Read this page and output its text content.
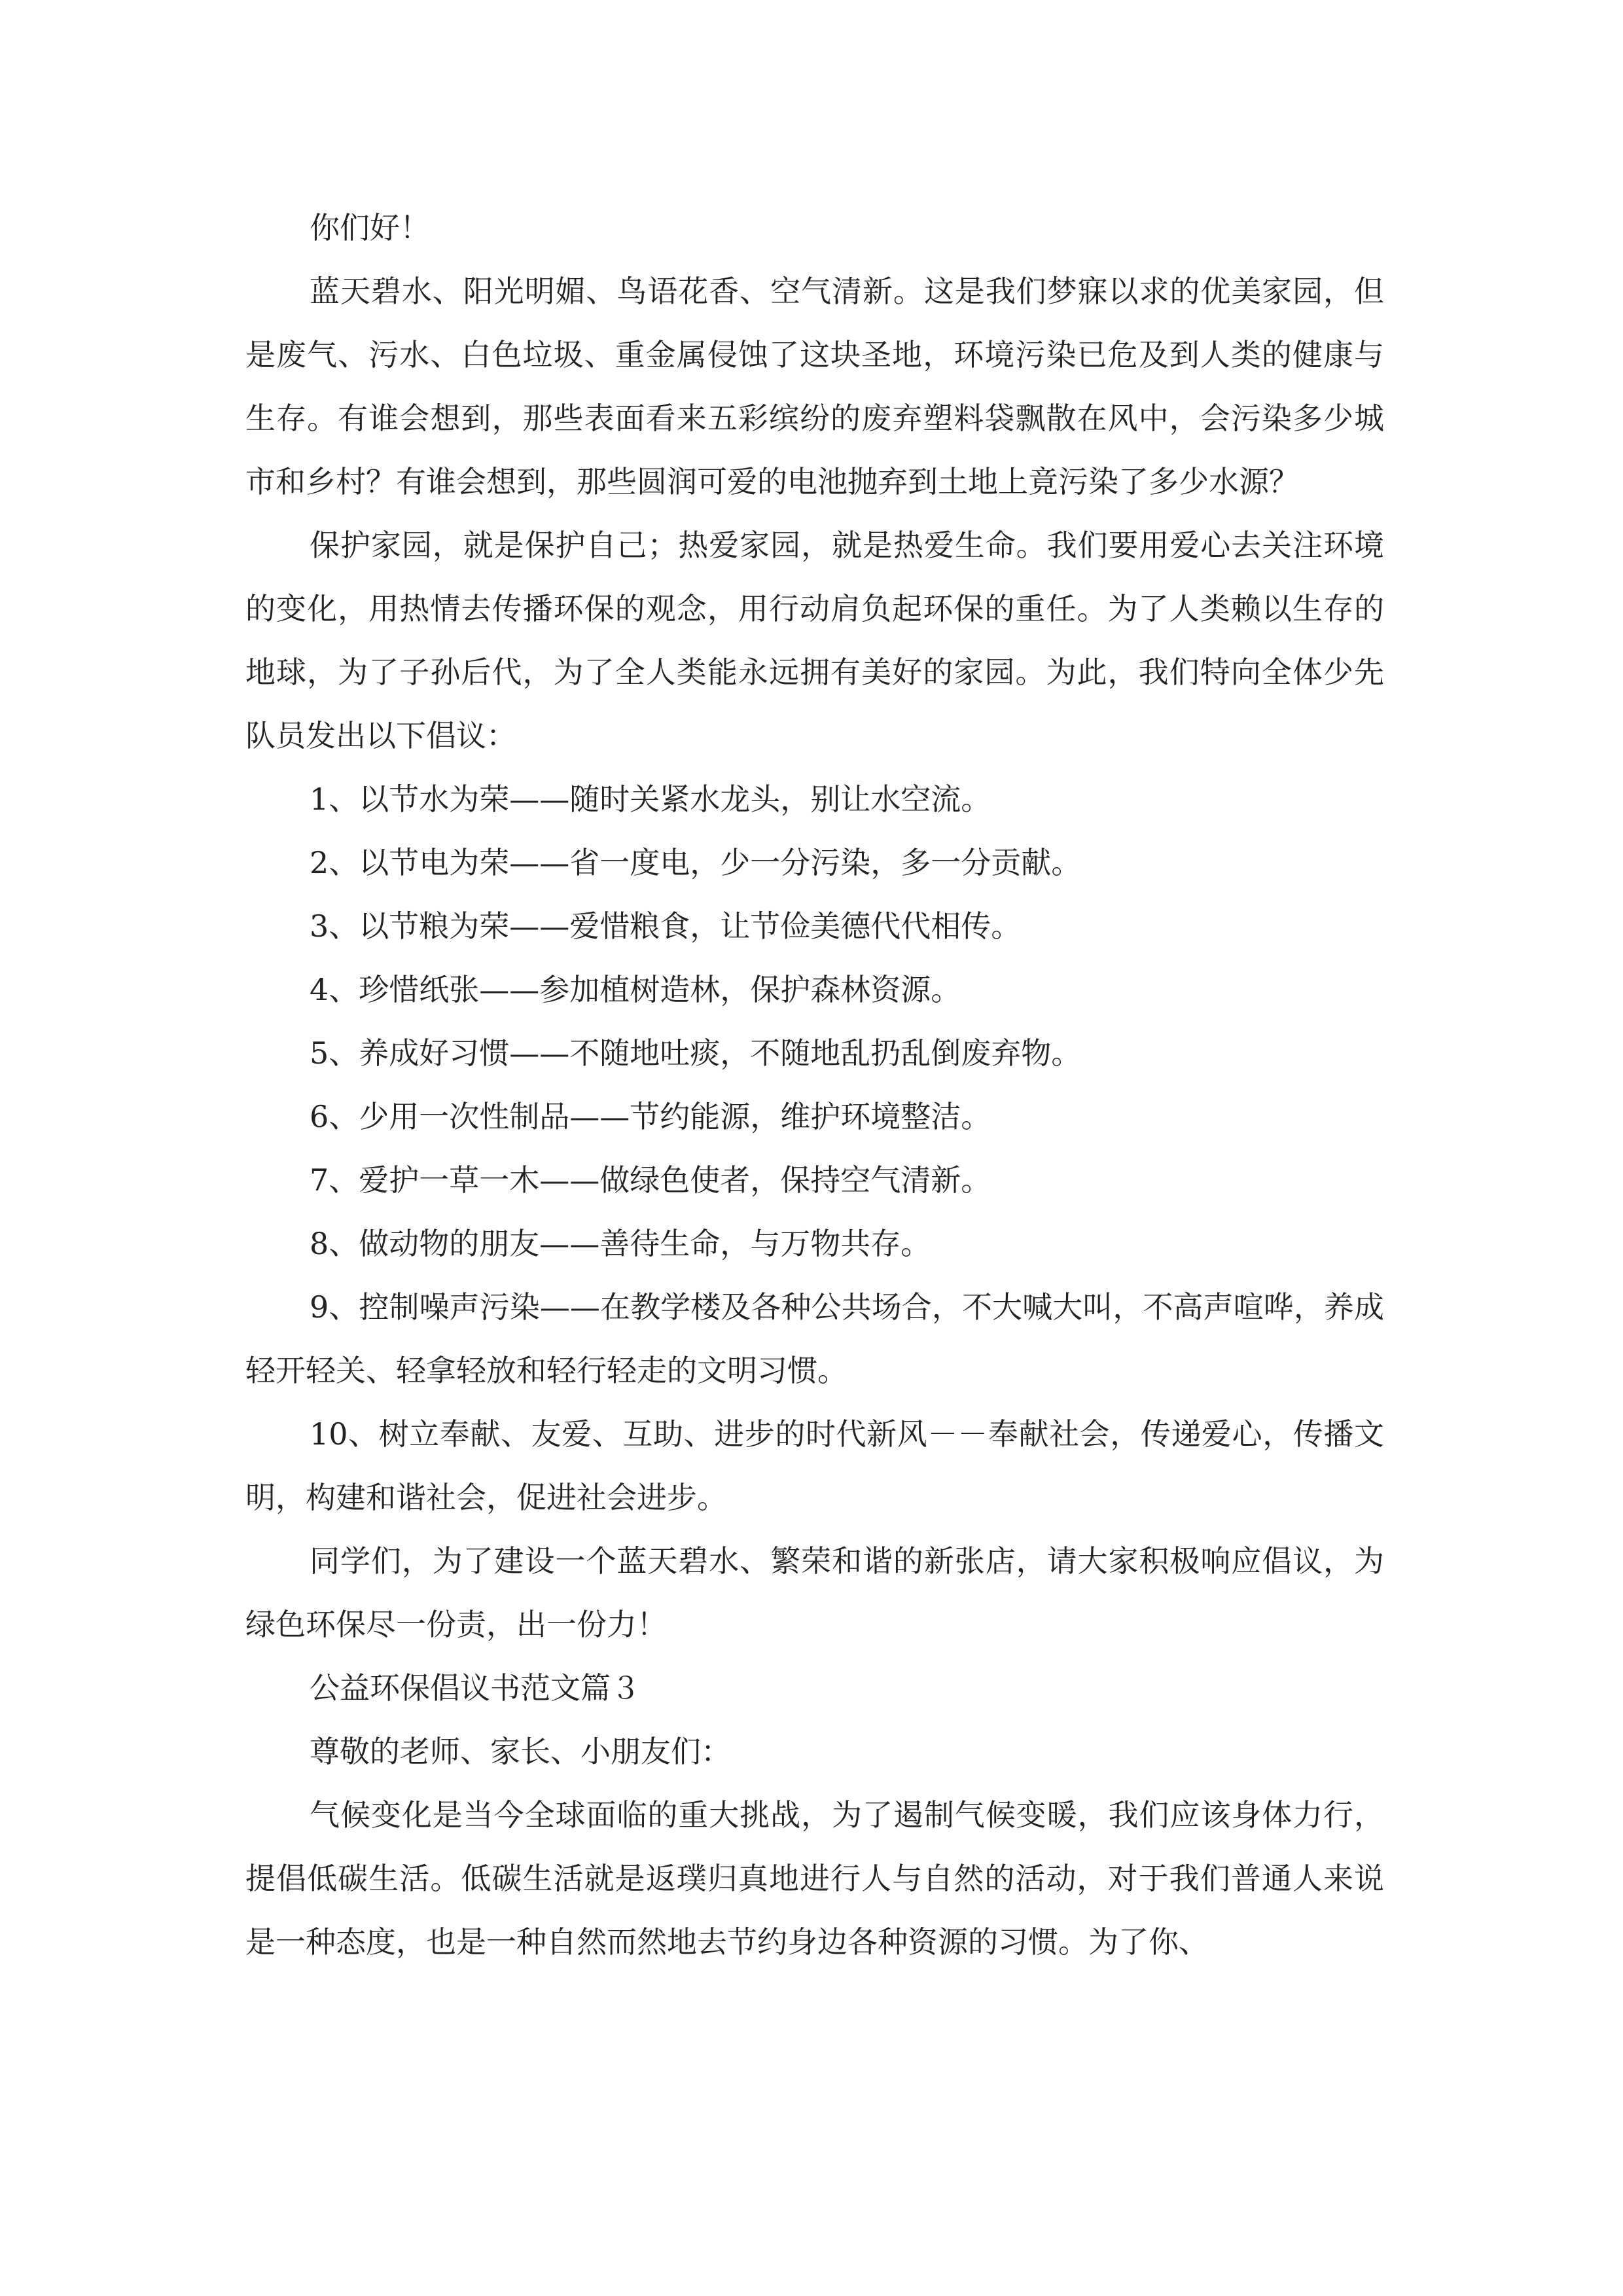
你们好！

蓝天碧水、阳光明媚、鸟语花香、空气清新。这是我们梦寐以求的优美家园，但是废气、污水、白色垃圾、重金属侵蚀了这块圣地，环境污染已危及到人类的健康与生存。有谁会想到，那些表面看来五彩缤纷的废弃塑料袋飘散在风中，会污染多少城市和乡村？有谁会想到，那些圆润可爱的电池抛弃到土地上竟污染了多少水源？

保护家园，就是保护自己；热爱家园，就是热爱生命。我们要用爱心去关注环境的变化，用热情去传播环保的观念，用行动肩负起环保的重任。为了人类赖以生存的地球，为了子孙后代，为了全人类能永远拥有美好的家园。为此，我们特向全体少先队员发出以下倡议：

1、以节水为荣——随时关紧水龙头，别让水空流。

2、以节电为荣——省一度电，少一分污染，多一分贡献。

3、以节粮为荣——爱惜粮食，让节俭美德代代相传。

4、珍惜纸张——参加植树造林，保护森林资源。

5、养成好习惯——不随地吐痰，不随地乱扔乱倒废弃物。

6、少用一次性制品——节约能源，维护环境整洁。

7、爱护一草一木——做绿色使者，保持空气清新。

8、做动物的朋友——善待生命，与万物共存。

9、控制噪声污染——在教学楼及各种公共场合，不大喊大叫，不高声喧哗，养成轻开轻关、轻拿轻放和轻行轻走的文明习惯。

10、树立奉献、友爱、互助、进步的时代新风－－奉献社会，传递爱心，传播文明，构建和谐社会，促进社会进步。

同学们，为了建设一个蓝天碧水、繁荣和谐的新张店，请大家积极响应倡议，为绿色环保尽一份责，出一份力！

公益环保倡议书范文篇３

尊敬的老师、家长、小朋友们：

气候变化是当今全球面临的重大挑战，为了遏制气候变暖，我们应该身体力行，提倡低碳生活。低碳生活就是返璞归真地进行人与自然的活动，对于我们普通人来说是一种态度，也是一种自然而然地去节约身边各种资源的习惯。为了你、
